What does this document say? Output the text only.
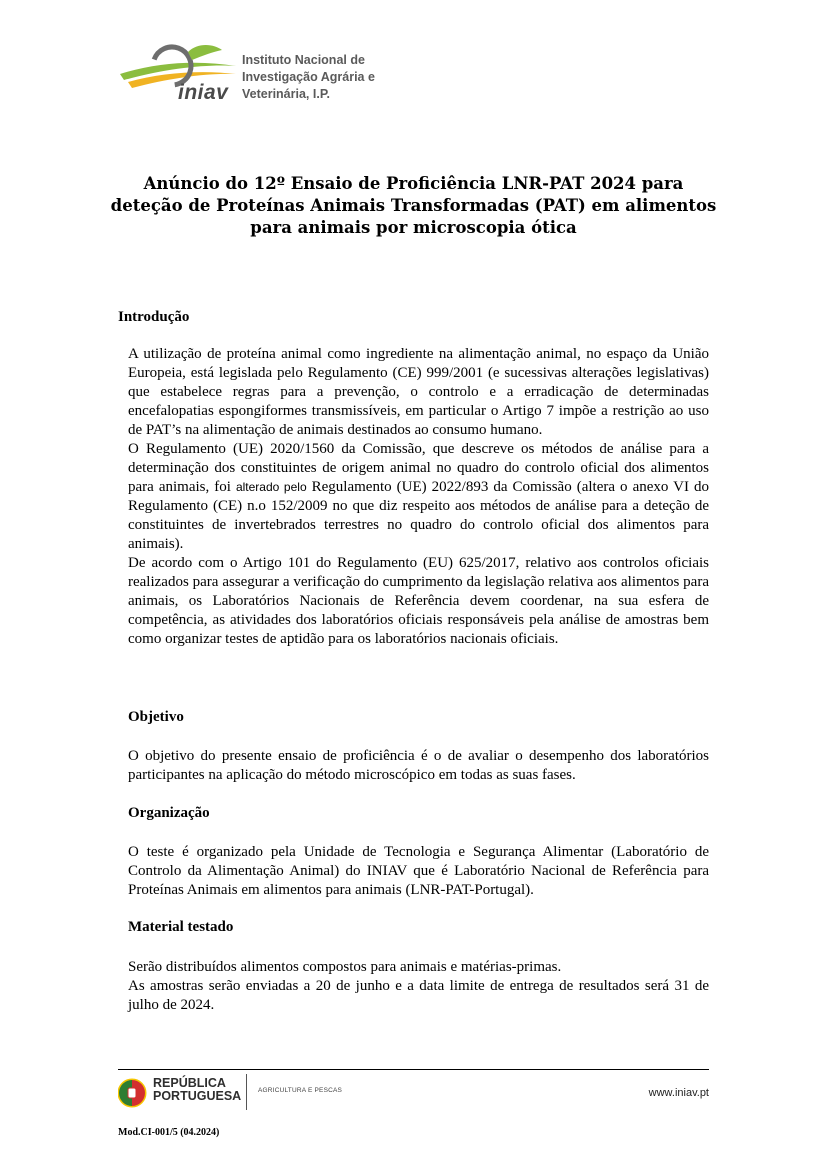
Instituto Nacional de
Investigação Agrária e
Veterinária, I.P.
iniav
Anúncio do 12º Ensaio de Proficiência LNR-PAT 2024 para
deteção de Proteínas Animais Transformadas (PAT) em alimentos
para animais por microscopia ótica
Introdução

A utilização de proteína animal como ingrediente na alimentação animal, no espaço da União Europeia, está legislada pelo Regulamento (CE) 999/2001 (e sucessivas alterações legislativas) que estabelece regras para a prevenção, o controlo e a erradicação de determinadas encefalopatias espongiformes transmissíveis, em particular o Artigo 7 impõe a restrição ao uso de PAT’s na alimentação de animais destinados ao consumo humano.

O Regulamento (UE) 2020/1560 da Comissão, que descreve os métodos de análise para a determinação dos constituintes de origem animal no quadro do controlo oficial dos alimentos para animais, foi alterado pelo Regulamento (UE) 2022/893 da Comissão (altera o anexo VI do Regulamento (CE) n.o 152/2009 no que diz respeito aos métodos de análise para a deteção de constituintes de invertebrados terrestres no quadro do controlo oficial dos alimentos para animais).

De acordo com o Artigo 101 do Regulamento (EU) 625/2017, relativo aos controlos oficiais realizados para assegurar a verificação do cumprimento da legislação relativa aos alimentos para animais, os Laboratórios Nacionais de Referência devem coordenar, na sua esfera de competência, as atividades dos laboratórios oficiais responsáveis pela análise de amostras bem como organizar testes de aptidão para os laboratórios nacionais oficiais.

Objetivo

O objetivo do presente ensaio de proficiência é o de avaliar o desempenho dos laboratórios participantes na aplicação do método microscópico em todas as suas fases.

Organização

O teste é organizado pela Unidade de Tecnologia e Segurança Alimentar (Laboratório de Controlo da Alimentação Animal) do INIAV que é Laboratório Nacional de Referência para Proteínas Animais em alimentos para animais (LNR-PAT-Portugal).

Material testado

Serão distribuídos alimentos compostos para animais e matérias-primas.

As amostras serão enviadas a 20 de junho e a data limite de entrega de resultados será 31 de julho de 2024.

REPÚBLICA
PORTUGUESA	AGRICULTURA E PESCAS	www.iniav.pt
Mod.CI-001/5 (04.2024)
